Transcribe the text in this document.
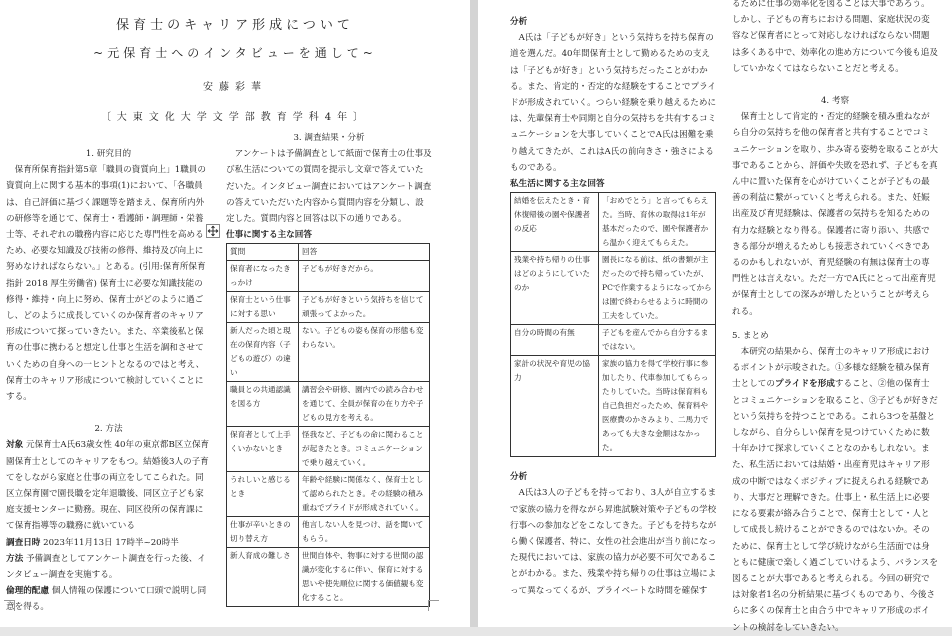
保育士のキャリア形成について
~元保育士へのインタビューを通して~
安藤彩華
〔大東文化大学文学部教育学科4年〕

1. 研究目的

保育所保育指針第5章「職員の資質向上」1職員の資質向上に関する基本的事項(1)において、「各職員は、自己評価に基づく課題等を踏まえ、保育所内外の研修等を通じて、保育士・看護師・調理師・栄養士等、それぞれの職務内容に応じた専門性を高めるため、必要な知識及び技術の修得、維持及び向上に努めなければならない。」とある。(引用:保育所保育指針 2018 厚生労働省) 保育士に必要な知識技能の修得・維持・向上に努め、保育士がどのように過ごし、どのように成長していくのか保育者のキャリア形成について探っていきたい。また、卒業後私と保育の仕事に携わると想定し仕事と生活を調和させていくための自身への一ヒントとなるのではと考え、保育士のキャリア形成について検討していくことにする。

2. 方法

対象 元保育士A氏63歳女性 40年の東京都B区立保育園保育士としてのキャリアをもつ。結婚後3人の子育てをしながら家庭と仕事の両立をしてこられた。同区立保育園で園長職を定年退職後、同区立子ども家庭支援センターに勤務。現在、同区役所の保育課にて保育指導等の職務に就いている

調査日時 2023年11月13日 17時半~20時半

方法 予備調査としてアンケート調査を行った後、インタビュー調査を実施する。

倫理的配慮 個人情報の保護について口頭で説明し同意を得る。

3. 調査結果・分析

アンケートは予備調査として紙面で保育士の仕事及び私生活についての質問を提示し文章で答えていただいた。インタビュー調査においてはアンケート調査の答えていただいた内容から質問内容を分類し、設定した。質問内容と回答は以下の通りである。

仕事に関する主な回答

質問	回答
保育者になったきっかけ	子どもが好きだから。
保育士という仕事に対する思い	子どもが好きという気持ちを信じて頑張ってよかった。
新人だった頃と現在の保育内容（子どもの遊び）の違い	ない。子どもの姿も保育の形態も変わらない。
職員との共通認識を図る方	講習会や研修、園内での読み合わせを通じて、全員が保育の在り方や子どもの見方を考える。
保育者として上手くいかないとき	怪我など、子どもの命に関わることが起きたとき。コミュニケーションで乗り越えていく。
うれしいと感じるとき	年齢や経験に関係なく、保育士として認められたとき。その経験の積み重ねでプライドが形成されていく。
仕事が辛いときの切り替え方	他言しない人を見つけ、話を聞いてもらう。
新人育成の難しさ	世間自体や、物事に対する世間の認識が変化するに伴い、保育に対する思いや使先順位に関する価値観も変化すること。

分析

A氏は「子どもが好き」という気持ちを持ち保育の道を選んだ。40年間保育士として勤めるための支えは「子どもが好き」という気持ちだったことがわかる。また、肯定的・否定的な経験をすることでプライドが形成されていく。つらい経験を乗り越えるためには、先輩保育士や同期と自分の気持ちを共有するコミュニケーションを大事していくことでA氏は困難を乗り越えてきたが、これはA氏の前向きさ・強さによるものである。

私生活に関する主な回答

結婚を伝えたとき・育休復帰後の園や保護者の反応	「おめでとう」と言ってもらえた。当時、育休の取得は1年が基本だったので、園や保護者から温かく迎えてもらえた。
残業や持ち帰りの仕事はどのようにしていたのか	園長になる前は、紙の書類が主だったので持ち帰っていたが、PCで作業するようになってからは園で終わらせるように時間の工夫をしていた。
自分の時間の有無	子どもを産んでから自分するまではない。
家計の状況や育児の協力	家族の協力を得て学校行事に参加したり、代車参加してもらったりしていた。当時は保育料も自己負担だったため、保育料や医療費のかさみより、二馬力であっても大きな金額はなかった。

分析

A氏は3人の子どもを持っており、3人が自立するまで家族の協力を得ながら昇進試験対策や子どもの学校行事への参加などをこなしてきた。子どもを持ちながら働く保護者、特に、女性の社会進出が当り前になった現代においては、家族の協力が必要不可欠であることがわかる。また、残業や持ち帰りの仕事は立場によって異なってくるが、プライベートな時間を確保す

るために仕事の効率化を図ることは大事であろう。しかし、子どもの育ちにおける問題、家庭状況の変容など保育者にとって対応しなければならない問題は多くある中で、効率化の進め方について今後も追及していかなくてはならないことだと考える。

4. 考察

保育士として肯定的・否定的経験を積み重ねながら自分の気持ちを他の保育者と共有することでコミュニケーションを取り、歩み寄る姿勢を取ることが大事であることから、評価や失敗を恐れず、子どもを真ん中に置いた保育を心がけていくことが子どもの最善の利益に繋がっていくと考えられる。また、妊娠出産及び育児経験は、保護者の気持ちを知るための有力な経験となり得る。保護者に寄り添い、共感できる部分が増えるためしも接悲されていくべきであるのかもしれないが、育児経験の有無は保育士の専門性とは言えない。ただ一方でA氏にとって出産育児が保育士としての深みが増したということが考えられる。

5. まとめ

本研究の結果から、保育士のキャリア形成におけるポイントが示唆された。①多様な経験を積み保育士としてのプライドを形成すること、②他の保育士とコミュニケーションを取ること、③子どもが好きだという気持ちを持つことである。これら3つを基盤としながら、自分らしい保育を見つけていくために数十年かけて探求していくことなのかもしれない。また、私生活においては結婚・出産育児はキャリア形成の中断ではなくポジティブに捉えられる経験であり、大事だと理解できた。仕事上・私生活上に必要になる要素が絡み合うことで、保育士として・人として成長し続けることができるのではないか。そのために、保育士として学び続けながら生活面では身ともに健康で楽しく過ごしていけるよう、バランスを図ることが大事であると考えられる。今回の研究では対象者1名の分析結果に基づくものであり、今後さらに多くの保育士と由合う中でキャリア形成のポイントの検討をしていきたい。
